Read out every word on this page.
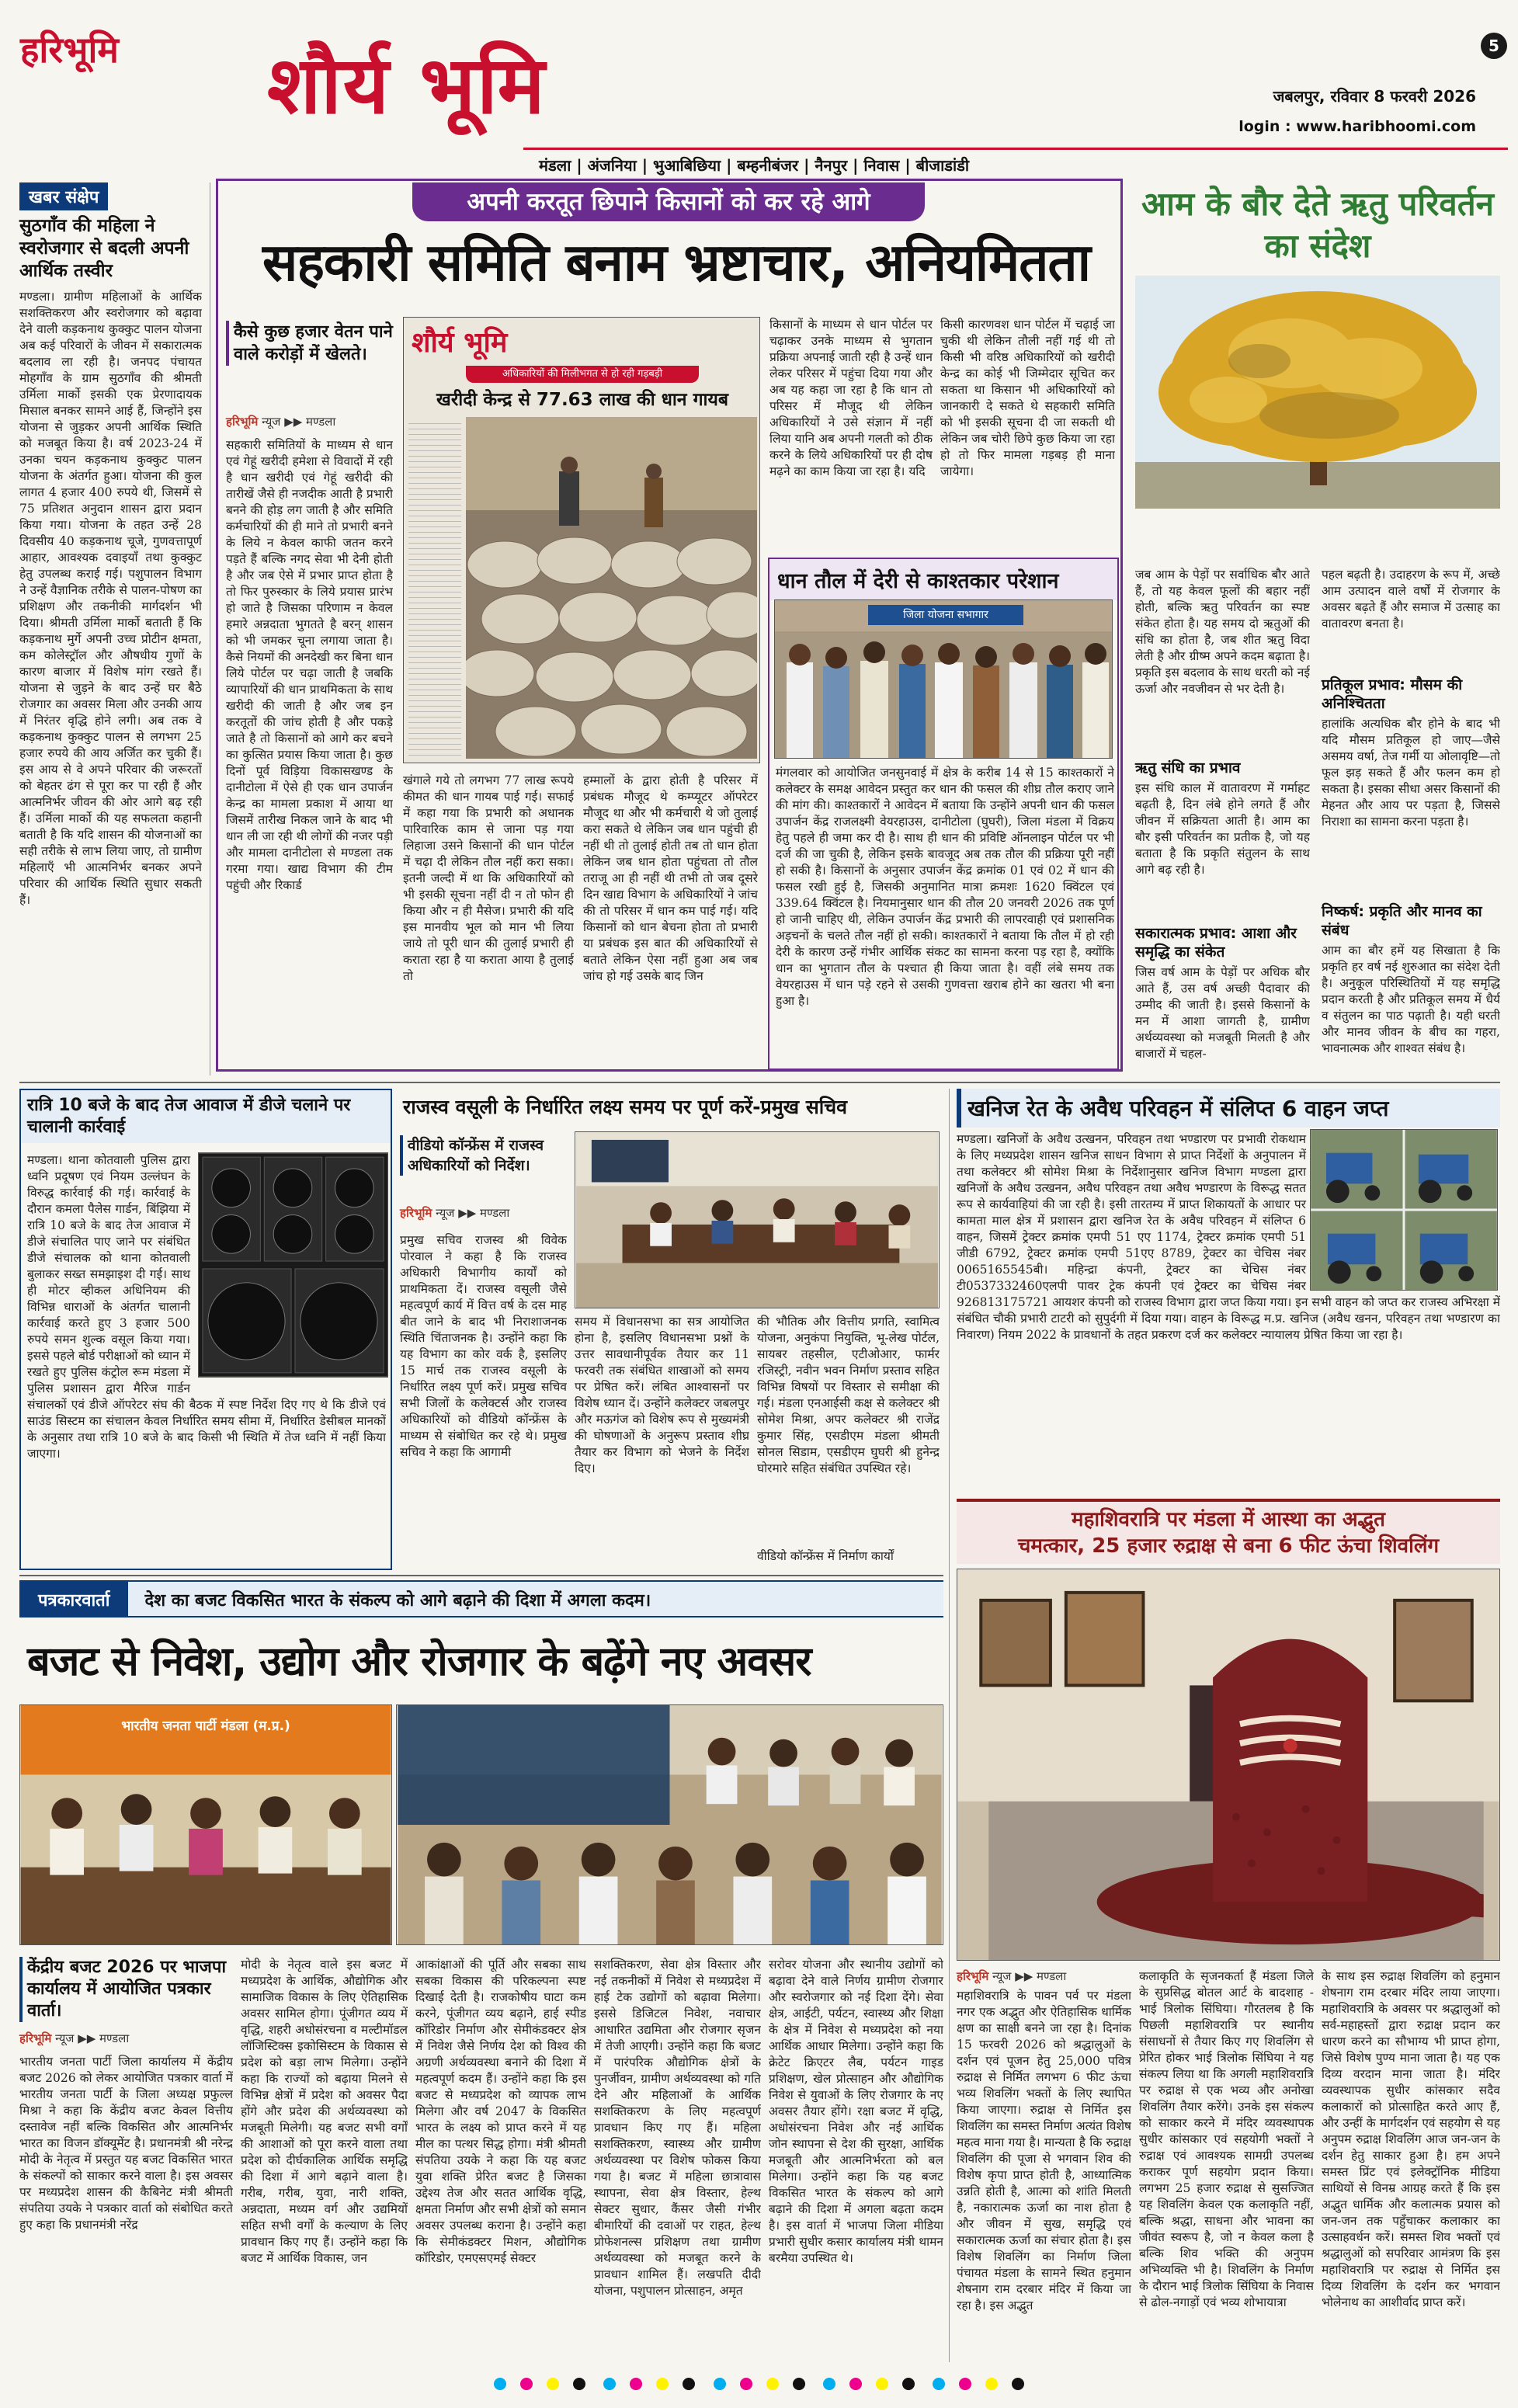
हरिभूमि शौर्य भूमि	5
जबलपुर, रविवार 8 फरवरी 2026
login : www.haribhoomi.com
मंडला | अंजनिया | भुआबिछिया | बम्हनीबंजर | नैनपुर | निवास | बीजाडांडी
खबर संक्षेप
सुठगाँव की महिला ने स्वरोजगार से बदली अपनी आर्थिक तस्वीर
मण्डला। ग्रामीण महिलाओं के आर्थिक सशक्तिकरण और स्वरोजगार को बढ़ावा देने वाली कड़कनाथ कुक्कुट पालन योजना अब कई परिवारों के जीवन में सकारात्मक बदलाव ला रही है। जनपद पंचायत मोहगाँव के ग्राम सुठगाँव की श्रीमती उर्मिला मार्को इसकी एक प्रेरणादायक मिसाल बनकर सामने आई हैं, जिन्होंने इस योजना से जुड़कर अपनी आर्थिक स्थिति को मजबूत किया है। वर्ष 2023-24 में उनका चयन कड़कनाथ कुक्कुट पालन योजना के अंतर्गत हुआ। योजना की कुल लागत 4 हजार 400 रुपये थी, जिसमें से 75 प्रतिशत अनुदान शासन द्वारा प्रदान किया गया। योजना के तहत उन्हें 28 दिवसीय 40 कड़कनाथ चूजे, गुणवत्तापूर्ण आहार, आवश्यक दवाइयाँ तथा कुक्कुट हेतु उपलब्ध कराई गई। पशुपालन विभाग ने उन्हें वैज्ञानिक तरीके से पालन-पोषण का प्रशिक्षण और तकनीकी मार्गदर्शन भी दिया। श्रीमती उर्मिला मार्को बताती हैं कि कड़कनाथ मुर्गे अपनी उच्च प्रोटीन क्षमता, कम कोलेस्ट्रॉल और औषधीय गुणों के कारण बाजार में विशेष मांग रखते हैं। योजना से जुड़ने के बाद उन्हें घर बैठे रोजगार का अवसर मिला और उनकी आय में निरंतर वृद्धि होने लगी। अब तक वे कड़कनाथ कुक्कुट पालन से लगभग 25 हजार रुपये की आय अर्जित कर चुकी हैं। इस आय से वे अपने परिवार की जरूरतों को बेहतर ढंग से पूरा कर पा रही हैं और आत्मनिर्भर जीवन की ओर आगे बढ़ रही हैं। उर्मिला मार्को की यह सफलता कहानी बताती है कि यदि शासन की योजनाओं का सही तरीके से लाभ लिया जाए, तो ग्रामीण महिलाएँ भी आत्मनिर्भर बनकर अपने परिवार की आर्थिक स्थिति सुधार सकती हैं।
अपनी करतूत छिपाने किसानों को कर रहे आगे
सहकारी समिति बनाम भ्रष्टाचार, अनियमितता
कैसे कुछ हजार वेतन पाने वाले करोड़ों में खेलते।
हरिभूमि न्यूज ▶▶ मण्डला
शौर्य भूमि
अधिकारियों की मिलीभगत से हो रही गड़बड़ी
खरीदी केन्द्र से 77.63 लाख की धान गायब
सहकारी समितियों के माध्यम से धान एवं गेहूं खरीदी हमेशा से विवादों में रही है धान खरीदी एवं गेहूं खरीदी की तारीखें जैसे ही नजदीक आती है प्रभारी बनने की होड़ लग जाती है और समिति कर्मचारियों की ही माने तो प्रभारी बनने के लिये न केवल काफी जतन करने पड़ते हैं बल्कि नगद सेवा भी देनी होती है और जब ऐसे में प्रभार प्राप्त होता है तो फिर पुरुस्कार के लिये प्रयास प्रारंभ हो जाते है जिसका परिणाम न केवल हमारे अन्नदाता भुगतते है बरन् शासन को भी जमकर चूना लगाया जाता है। कैसे नियमों की अनदेखी कर बिना धान लिये पोर्टल पर चढ़ा जाती है जबकि व्यापारियों की धान प्राथमिकता के साथ खरीदी की जाती है और जब इन करतूतों की जांच होती है और पकड़े जाते है तो किसानों को आगे कर बचने का कुत्सित प्रयास किया जाता है। कुछ दिनों पूर्व विड़िया विकासखण्ड के दानीटोला में ऐसे ही एक धान उपार्जन केन्द्र का मामला प्रकाश में आया था जिसमें तारीख निकल जाने के बाद भी धान ली जा रही थी लोगों की नजर पड़ी और मामला दानीटोला से मण्डला तक गरमा गया। खाद्य विभाग की टीम पहुंची और रिकार्ड
खंगाले गये तो लगभग 77 लाख रूपये कीमत की धान गायब पाई गई। सफाई में कहा गया कि प्रभारी को अधानक पारिवारिक काम से जाना पड़ गया लिहाजा उसने किसानों की धान पोर्टल में चढ़ा दी लेकिन तौल नहीं करा सका। इतनी जल्दी में था कि अधिकारियों को भी इसकी सूचना नहीं दी न तो फोन ही किया और न ही मैसेज। प्रभारी की यदि इस मानवीय भूल को मान भी लिया जाये तो पूरी धान की तुलाई प्रभारी ही कराता रहा है या कराता आया है तुलाई तो
हम्मालों के द्वारा होती है परिसर में प्रबंधक मौजूद थे कम्प्यूटर ऑपरेटर मौजूद था और भी कर्मचारी थे जो तुलाई करा सकते थे लेकिन जब धान पहुंची ही नहीं थी तो तुलाई होती तब तो धान होता लेकिन जब धान होता पहुंचता तो तौल तराजू आ ही नहीं थी तभी तो जब दूसरे दिन खाद्य विभाग के अधिकारियों ने जांच की तो परिसर में धान कम पाई गई। यदि किसानों को धान बेचना होता तो प्रभारी या प्रबंधक इस बात की अधिकारियों से बताते लेकिन ऐसा नहीं हुआ अब जब जांच हो गई उसके बाद जिन
किसानों के माध्यम से धान पोर्टल पर चढ़ाकर उनके माध्यम से भुगतान प्रक्रिया अपनाई जाती रही है उन्हें धान लेकर परिसर में पहुंचा दिया गया और अब यह कहा जा रहा है कि धान तो परिसर में मौजूद थी लेकिन अधिकारियों ने उसे संज्ञान में नहीं लिया यानि अब अपनी गलती को ठीक करने के लिये अधिकारियों पर ही दोष मढ़ने का काम किया जा रहा है। यदि
किसी कारणवश धान पोर्टल में चढ़ाई जा चुकी थी लेकिन तौली नहीं गई थी तो किसी भी वरिष्ठ अधिकारियों को खरीदी केन्द्र का कोई भी जिम्मेदार सूचित कर सकता था किसान भी अधिकारियों को जानकारी दे सकते थे सहकारी समिति को भी इसकी सूचना दी जा सकती थी लेकिन जब चोरी छिपे कुछ किया जा रहा हो तो फिर मामला गड़बड़ ही माना जायेगा।
धान तौल में देरी से काश्तकार परेशान
जिला योजना सभागार
मंगलवार को आयोजित जनसुनवाई में क्षेत्र के करीब 14 से 15 काश्तकारों ने कलेक्टर के समक्ष आवेदन प्रस्तुत कर धान की फसल की शीघ्र तौल कराए जाने की मांग की। काश्तकारों ने आवेदन में बताया कि उन्होंने अपनी धान की फसल उपार्जन केंद्र राजलक्ष्मी वेयरहाउस, दानीटोला (घुघरी), जिला मंडला में विक्रय हेतु पहले ही जमा कर दी है। साथ ही धान की प्रविष्टि ऑनलाइन पोर्टल पर भी दर्ज की जा चुकी है, लेकिन इसके बावजूद अब तक तौल की प्रक्रिया पूरी नहीं हो सकी है। किसानों के अनुसार उपार्जन केंद्र क्रमांक 01 एवं 02 में धान की फसल रखी हुई है, जिसकी अनुमानित मात्रा क्रमशः 1620 क्विंटल एवं 339.64 क्विंटल है। नियमानुसार धान की तौल 20 जनवरी 2026 तक पूर्ण हो जानी चाहिए थी, लेकिन उपार्जन केंद्र प्रभारी की लापरवाही एवं प्रशासनिक अड़चनों के चलते तौल नहीं हो सकी। काश्तकारों ने बताया कि तौल में हो रही देरी के कारण उन्हें गंभीर आर्थिक संकट का सामना करना पड़ रहा है, क्योंकि धान का भुगतान तौल के पश्चात ही किया जाता है। वहीं लंबे समय तक वेयरहाउस में धान पड़े रहने से उसकी गुणवत्ता खराब होने का खतरा भी बना हुआ है।
आम के बौर देते ऋतु परिवर्तन का संदेश
जब आम के पेड़ों पर सर्वाधिक बौर आते हैं, तो यह केवल फूलों की बहार नहीं होती, बल्कि ऋतु परिवर्तन का स्पष्ट संकेत होता है। यह समय दो ऋतुओं की संधि का होता है, जब शीत ऋतु विदा लेती है और ग्रीष्म अपने कदम बढ़ाता है। प्रकृति इस बदलाव के साथ धरती को नई ऊर्जा और नवजीवन से भर देती है।
ऋतु संधि का प्रभाव
इस संधि काल में वातावरण में गर्माहट बढ़ती है, दिन लंबे होने लगते हैं और जीवन में सक्रियता आती है। आम का बौर इसी परिवर्तन का प्रतीक है, जो यह बताता है कि प्रकृति संतुलन के साथ आगे बढ़ रही है।
सकारात्मक प्रभाव: आशा और समृद्धि का संकेत
जिस वर्ष आम के पेड़ों पर अधिक बौर आते हैं, उस वर्ष अच्छी पैदावार की उम्मीद की जाती है। इससे किसानों के मन में आशा जागती है, ग्रामीण अर्थव्यवस्था को मजबूती मिलती है और बाजारों में चहल-
पहल बढ़ती है। उदाहरण के रूप में, अच्छे आम उत्पादन वाले वर्षों में रोजगार के अवसर बढ़ते हैं और समाज में उत्साह का वातावरण बनता है।
प्रतिकूल प्रभाव: मौसम की अनिश्चितता
हालांकि अत्यधिक बौर होने के बाद भी यदि मौसम प्रतिकूल हो जाए—जैसे असमय वर्षा, तेज गर्मी या ओलावृष्टि—तो फूल झड़ सकते हैं और फलन कम हो सकता है। इसका सीधा असर किसानों की मेहनत और आय पर पड़ता है, जिससे निराशा का सामना करना पड़ता है।
निष्कर्ष: प्रकृति और मानव का संबंध
आम का बौर हमें यह सिखाता है कि प्रकृति हर वर्ष नई शुरुआत का संदेश देती है। अनुकूल परिस्थितियों में यह समृद्धि प्रदान करती है और प्रतिकूल समय में धैर्य व संतुलन का पाठ पढ़ाती है। यही धरती और मानव जीवन के बीच का गहरा, भावनात्मक और शाश्वत संबंध है।
रात्रि 10 बजे के बाद तेज आवाज में डीजे चलाने पर चालानी कार्रवाई
मण्डला। थाना कोतवाली पुलिस द्वारा ध्वनि प्रदूषण एवं नियम उल्लंघन के विरुद्ध कार्रवाई की गई। कार्रवाई के दौरान कमला पैलेस गार्डन, बिंझिया में रात्रि 10 बजे के बाद तेज आवाज में डीजे संचालित पाए जाने पर संबंधित डीजे संचालक को थाना कोतवाली बुलाकर सख्त समझाइश दी गई। साथ ही मोटर व्हीकल अधिनियम की विभिन्न धाराओं के अंतर्गत चालानी कार्रवाई करते हुए 3 हजार 500 रुपये समन शुल्क वसूल किया गया। इससे पहले बोर्ड परीक्षाओं को ध्यान में रखते हुए पुलिस कंट्रोल रूम मंडला में पुलिस प्रशासन द्वारा मैरिज गार्डन संचालकों एवं डीजे ऑपरेटर संघ की बैठक में स्पष्ट निर्देश दिए गए थे कि डीजे एवं साउंड सिस्टम का संचालन केवल निर्धारित समय सीमा में, निर्धारित डेसीबल मानकों के अनुसार तथा रात्रि 10 बजे के बाद किसी भी स्थिति में तेज ध्वनि में नहीं किया जाएगा।
राजस्व वसूली के निर्धारित लक्ष्य समय पर पूर्ण करें-प्रमुख सचिव
वीडियो कॉन्फ्रेंस में राजस्व अधिकारियों को निर्देश।
हरिभूमि न्यूज ▶▶ मण्डला
प्रमुख सचिव राजस्व श्री विवेक पोरवाल ने कहा है कि राजस्व अधिकारी विभागीय कार्यों को प्राथमिकता दें। राजस्व वसूली जैसे महत्वपूर्ण कार्य में वित्त वर्ष के दस माह बीत जाने के बाद भी निराशाजनक स्थिति चिंताजनक है। उन्होंने कहा कि यह विभाग का कोर वर्क है, इसलिए 15 मार्च तक राजस्व वसूली के निर्धारित लक्ष्य पूर्ण करें। प्रमुख सचिव सभी जिलों के कलेक्टर्स और राजस्व अधिकारियों को वीडियो कॉन्फ्रेंस के माध्यम से संबोधित कर रहे थे। प्रमुख सचिव ने कहा कि आगामी
समय में विधानसभा का सत्र आयोजित होना है, इसलिए विधानसभा प्रश्नों के उत्तर सावधानीपूर्वक तैयार कर 11 फरवरी तक संबंधित शाखाओं को समय पर प्रेषित करें। लंबित आश्वासनों पर विशेष ध्यान दें। उन्होंने कलेक्टर जबलपुर और मऊगंज को विशेष रूप से मुख्यमंत्री की घोषणाओं के अनुरूप प्रस्ताव शीघ्र तैयार कर विभाग को भेजने के निर्देश दिए।
की भौतिक और वित्तीय प्रगति, स्वामित्व योजना, अनुकंपा नियुक्ति, भू-लेख पोर्टल, सायबर तहसील, एटीओआर, फार्मर रजिस्ट्री, नवीन भवन निर्माण प्रस्ताव सहित विभिन्न विषयों पर विस्तार से समीक्षा की गई। मंडला एनआईसी कक्ष से कलेक्टर श्री सोमेश मिश्रा, अपर कलेक्टर श्री राजेंद्र कुमार सिंह, एसडीएम मंडला श्रीमती सोनल सिडाम, एसडीएम घुघरी श्री हुनेन्द्र घोरमारे सहित संबंधित उपस्थित रहे।
वीडियो कॉन्फ्रेंस में निर्माण कार्यों
खनिज रेत के अवैध परिवहन में संलिप्त 6 वाहन जप्त
मण्डला। खनिजों के अवैध उत्खनन, परिवहन तथा भण्डारण पर प्रभावी रोकथाम के लिए मध्यप्रदेश शासन खनिज साधन विभाग से प्राप्त निर्देशों के अनुपालन में तथा कलेक्टर श्री सोमेश मिश्रा के निर्देशानुसार खनिज विभाग मण्डला द्वारा खनिजों के अवैध उत्खनन, अवैध परिवहन तथा अवैध भण्डारण के विरूद्ध सतत रूप से कार्यवाहियां की जा रही है। इसी तारतम्य में प्राप्त शिकायतों के आधार पर कामता माल क्षेत्र में प्रशासन द्वारा खनिज रेत के अवैध परिवहन में संलिप्त 6 वाहन, जिसमें ट्रेक्टर क्रमांक एमपी 51 एए 1174, ट्रेक्टर क्रमांक एमपी 51 जीडी 6792, ट्रेक्टर क्रमांक एमपी 51एए 8789, ट्रेक्टर का चेचिस नंबर 0065165545बी। महिन्द्रा कंपनी, ट्रेक्टर का चेचिस नंबर टी0537332460एलपी पावर ट्रेक कंपनी एवं ट्रेक्टर का चेचिस नंबर 926813175721 आयशर कंपनी को राजस्व विभाग द्वारा जप्त किया गया। इन सभी वाहन को जप्त कर राजस्व अभिरक्षा में संबंधित चौकी प्रभारी टाटरी को सुपुर्दगी में दिया गया। वाहन के विरूद्ध म.प्र. खनिज (अवैध खनन, परिवहन तथा भण्डारण का निवारण) नियम 2022 के प्रावधानों के तहत प्रकरण दर्ज कर कलेक्टर न्यायालय प्रेषित किया जा रहा है।
महाशिवरात्रि पर मंडला में आस्था का अद्भुत
चमत्कार, 25 हजार रुद्राक्ष से बना 6 फीट ऊंचा शिवलिंग
हरिभूमि न्यूज ▶▶ मण्डला
महाशिवरात्रि के पावन पर्व पर मंडला नगर एक अद्भुत और ऐतिहासिक धार्मिक क्षण का साक्षी बनने जा रहा है। दिनांक 15 फरवरी 2026 को श्रद्धालुओं के दर्शन एवं पूजन हेतु 25,000 पवित्र रुद्राक्ष से निर्मित लगभग 6 फीट ऊंचा भव्य शिवलिंग भक्तों के लिए स्थापित किया जाएगा। रुद्राक्ष से निर्मित इस शिवलिंग का समस्त निर्माण अत्यंत विशेष महत्व माना गया है। मान्यता है कि रुद्राक्ष शिवलिंग की पूजा से भगवान शिव की विशेष कृपा प्राप्त होती है, आध्यात्मिक उन्नति होती है, आत्मा को शांति मिलती है, नकारात्मक ऊर्जा का नाश होता है और जीवन में सुख, समृद्धि एवं सकारात्मक ऊर्जा का संचार होता है। इस विशेष शिवलिंग का निर्माण जिला पंचायत मंडला के सामने स्थित हनुमान शेषनाग राम दरबार मंदिर में किया जा रहा है। इस अद्भुत
कलाकृति के सृजनकर्ता हैं मंडला जिले के सुप्रसिद्ध बोतल आर्ट के बादशाह - भाई त्रिलोक सिंघिया। गौरतलब है कि पिछली महाशिवरात्रि पर स्थानीय संसाधनों से तैयार किए गए शिवलिंग से प्रेरित होकर भाई त्रिलोक सिंघिया ने यह संकल्प लिया था कि अगली महाशिवरात्रि पर रुद्राक्ष से एक भव्य और अनोखा शिवलिंग तैयार करेंगे। उनके इस संकल्प को साकार करने में मंदिर व्यवस्थापक सुधीर कांसकार एवं सहयोगी भक्तों ने रुद्राक्ष एवं आवश्यक सामग्री उपलब्ध कराकर पूर्ण सहयोग प्रदान किया। लगभग 25 हजार रुद्राक्ष से सुसज्जित यह शिवलिंग केवल एक कलाकृति नहीं, बल्कि श्रद्धा, साधना और भावना का जीवंत स्वरूप है, जो न केवल कला है बल्कि शिव भक्ति की अनुपम अभिव्यक्ति भी है। शिवलिंग के निर्माण के दौरान भाई त्रिलोक सिंघिया के निवास से ढोल-नगाड़ों एवं भव्य शोभायात्रा
के साथ इस रुद्राक्ष शिवलिंग को हनुमान शेषनाग राम दरबार मंदिर लाया जाएगा। महाशिवरात्रि के अवसर पर श्रद्धालुओं को सर्व-महाहस्तों द्वारा रुद्राक्ष प्रदान कर धारण करने का सौभाग्य भी प्राप्त होगा, जिसे विशेष पुण्य माना जाता है। यह एक दिव्य वरदान माना जाता है। मंदिर व्यवस्थापक सुधीर कांसकार सदैव कलाकारों को प्रोत्साहित करते आए हैं, और उन्हीं के मार्गदर्शन एवं सहयोग से यह अनुपम रुद्राक्ष शिवलिंग आज जन-जन के दर्शन हेतु साकार हुआ है। हम अपने समस्त प्रिंट एवं इलेक्ट्रॉनिक मीडिया साथियों से विनम्र आग्रह करते हैं कि इस अद्भुत धार्मिक और कलात्मक प्रयास को जन-जन तक पहुँचाकर कलाकार का उत्साहवर्धन करें। समस्त शिव भक्तों एवं श्रद्धालुओं को सपरिवार आमंत्रण कि इस महाशिवरात्रि पर रुद्राक्ष से निर्मित इस दिव्य शिवलिंग के दर्शन कर भगवान भोलेनाथ का आशीर्वाद प्राप्त करें।
पत्रकारवार्ता देश का बजट विकसित भारत के संकल्प को आगे बढ़ाने की दिशा में अगला कदम।
बजट से निवेश, उद्योग और रोजगार के बढ़ेंगे नए अवसर
भारतीय जनता पार्टी मंडला (म.प्र.)
केंद्रीय बजट 2026 पर भाजपा कार्यालय में आयोजित पत्रकार वार्ता।
हरिभूमि न्यूज ▶▶ मण्डला
भारतीय जनता पार्टी जिला कार्यालय में केंद्रीय बजट 2026 को लेकर आयोजित पत्रकार वार्ता में भारतीय जनता पार्टी के जिला अध्यक्ष प्रफुल्ल मिश्रा ने कहा कि केंद्रीय बजट केवल वित्तीय दस्तावेज नहीं बल्कि विकसित और आत्मनिर्भर भारत का विजन डॉक्यूमेंट है। प्रधानमंत्री श्री नरेन्द्र मोदी के नेतृत्व में प्रस्तुत यह बजट विकसित भारत के संकल्पों को साकार करने वाला है। इस अवसर पर मध्यप्रदेश शासन की कैबिनेट मंत्री श्रीमती संपतिया उयके ने पत्रकार वार्ता को संबोधित करते हुए कहा कि प्रधानमंत्री नरेंद्र
मोदी के नेतृत्व वाले इस बजट में मध्यप्रदेश के आर्थिक, औद्योगिक और सामाजिक विकास के लिए ऐतिहासिक अवसर सामिल होगा। पूंजीगत व्यय में वृद्धि, शहरी अधोसंरचना व मल्टीमॉडल लॉजिस्टिक्स इकोसिस्टम के विकास से प्रदेश को बड़ा लाभ मिलेगा। उन्होंने कहा कि राज्यों को बढ़ाया मिलने से विभिन्न क्षेत्रों में प्रदेश को अवसर पैदा होंगे और प्रदेश की अर्थव्यवस्था को मजबूती मिलेगी। यह बजट सभी वर्गों की आशाओं को पूरा करने वाला तथा प्रदेश को दीर्घकालिक आर्थिक समृद्धि की दिशा में आगे बढ़ाने वाला है। गरीब, गरीब, युवा, नारी शक्ति, अन्नदाता, मध्यम वर्ग और उद्यमियों सहित सभी वर्गों के कल्याण के लिए प्रावधान किए गए हैं। उन्होंने कहा कि बजट में आर्थिक विकास, जन
आकांक्षाओं की पूर्ति और सबका साथ सबका विकास की परिकल्पना स्पष्ट दिखाई देती है। राजकोषीय घाटा कम करने, पूंजीगत व्यय बढ़ाने, हाई स्पीड कॉरिडोर निर्माण और सेमीकंडक्टर क्षेत्र में निवेश जैसे निर्णय देश को विश्व की अग्रणी अर्थव्यवस्था बनाने की दिशा में महत्वपूर्ण कदम हैं। उन्होंने कहा कि इस बजट से मध्यप्रदेश को व्यापक लाभ मिलेगा और वर्ष 2047 के विकसित भारत के लक्ष्य को प्राप्त करने में यह मील का पत्थर सिद्ध होगा। मंत्री श्रीमती संपतिया उयके ने कहा कि यह बजट युवा शक्ति प्रेरित बजट है जिसका उद्देश्य तेज और सतत आर्थिक वृद्धि, क्षमता निर्माण और सभी क्षेत्रों को समान अवसर उपलब्ध कराना है। उन्होंने कहा कि सेमीकंडक्टर मिशन, औद्योगिक कॉरिडोर, एमएसएमई सेक्टर
सशक्तिकरण, सेवा क्षेत्र विस्तार और नई तकनीकों में निवेश से मध्यप्रदेश में हाई टेक उद्योगों को बढ़ावा मिलेगा। इससे डिजिटल निवेश, नवाचार आधारित उद्यमिता और रोजगार सृजन में तेजी आएगी। उन्होंने कहा कि बजट में पारंपरिक औद्योगिक क्षेत्रों के पुनर्जीवन, ग्रामीण अर्थव्यवस्था को गति देने और महिलाओं के आर्थिक सशक्तिकरण के लिए महत्वपूर्ण प्रावधान किए गए हैं। महिला सशक्तिकरण, स्वास्थ्य और ग्रामीण अर्थव्यवस्था पर विशेष फोकस किया गया है। बजट में महिला छात्रावास स्थापना, सेवा क्षेत्र विस्तार, हेल्थ सेक्टर सुधार, कैंसर जैसी गंभीर बीमारियों की दवाओं पर राहत, हेल्थ प्रोफेशनल्स प्रशिक्षण तथा ग्रामीण अर्थव्यवस्था को मजबूत करने के प्रावधान शामिल हैं। लखपति दीदी योजना, पशुपालन प्रोत्साहन, अमृत
सरोवर योजना और स्थानीय उद्योगों को बढ़ावा देने वाले निर्णय ग्रामीण रोजगार और स्वरोजगार को नई दिशा देंगे। सेवा क्षेत्र, आईटी, पर्यटन, स्वास्थ्य और शिक्षा के क्षेत्र में निवेश से मध्यप्रदेश को नया आर्थिक आधार मिलेगा। उन्होंने कहा कि क्रेटेट क्रिएटर लैब, पर्यटन गाइड प्रशिक्षण, खेल प्रोत्साहन और औद्योगिक निवेश से युवाओं के लिए रोजगार के नए अवसर तैयार होंगे। रक्षा बजट में वृद्धि, अधोसंरचना निवेश और नई आर्थिक जोन स्थापना से देश की सुरक्षा, आर्थिक मजबूती और आत्मनिर्भरता को बल मिलेगा। उन्होंने कहा कि यह बजट विकसित भारत के संकल्प को आगे बढ़ाने की दिशा में अगला बढ़ता कदम है। इस वार्ता में भाजपा जिला मीडिया प्रभारी सुधीर कसार कार्यालय मंत्री थामन बरमैया उपस्थित थे।
